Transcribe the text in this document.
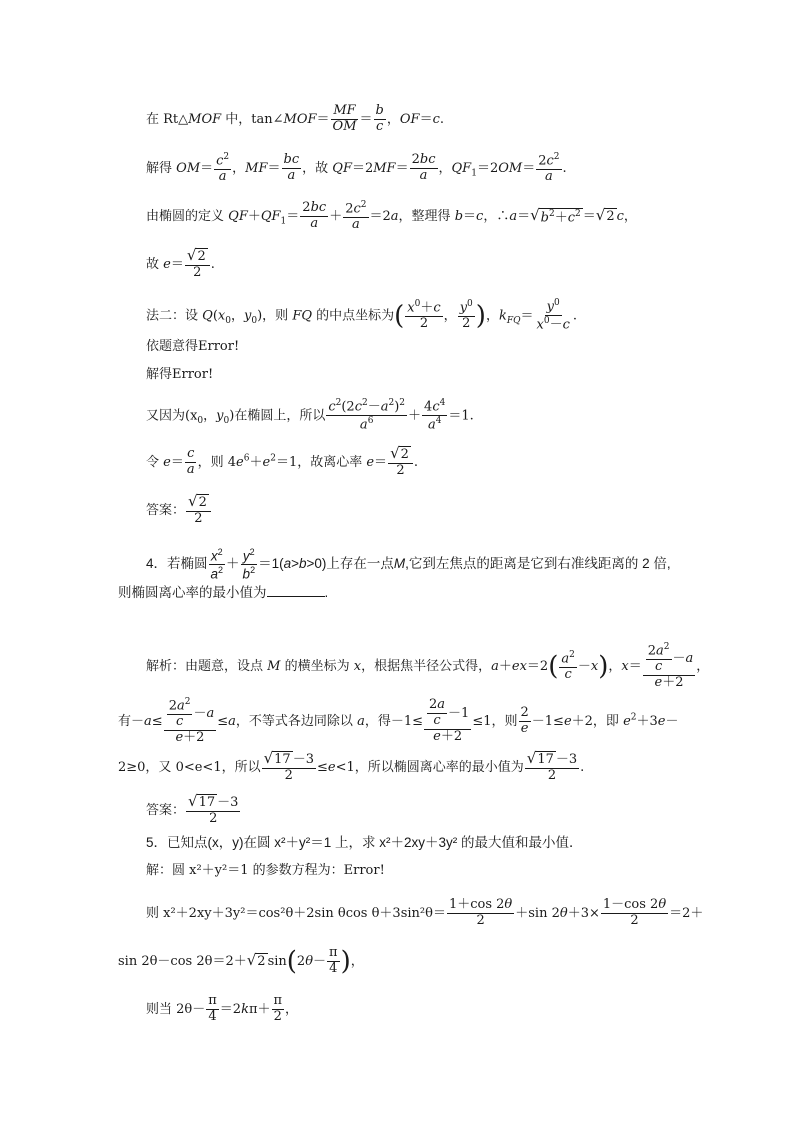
在 Rt△MOF 中，tan∠MOF＝ $\frac{MF}{OM} = \frac{b}{c}$ ，OF＝c.
解得 $OM= \frac{c^2}{a}$ ，$MF= \frac{bc}{a}$ ，故 $QF=2MF= \frac{2bc}{a}$ ，$QF_1=2OM= \frac{2c^2}{a}$ .
由椭圆的定义 $QF+QF_1= \frac{2bc}{a} + \frac{2c^2}{a} =2a$，整理得 b＝c，∴a＝ √ $b^2+c^2$ ＝ √ 2 c，
故 $e= \frac{√ 2}{2}$ .
法二：设 $Q(x_0$，$y_0$)，则 FQ 的中点坐标为( $\frac{x^0+c}{2}$ ， $\frac{y^0}{2}$ )，$k_{FQ}= \frac{y^0}{x^0-c}$ .
依题意得Error!
解得Error!
又因为($x_0$，$y_0$)在椭圆上，所以 $\frac{c^2(2c^2-a^2)^2}{a^6} + \frac{4c^4}{a^4} =1$.
令 $e= \frac{c}{a}$ ，则 $4e^6+e^2=1$，故离心率 $e= \frac{√ 2}{2}$ .
答案： $\frac{√ 2}{2}$
4．若椭圆 $\frac{x^2}{a^2} + \frac{y^2}{b^2} =1(a>b>0)$上存在一点M,它到左焦点的距离是它到右准线距离的 2 倍,
则椭圆离心率的最小值为	.
解析：由题意，设点 M 的横坐标为 x，根据焦半径公式得，$a+ex=2( \frac{a^2}{c} -x)$，$x= \frac{\frac{2a^2}{c} -a}{e+2}$ ，
有$-a\le \frac{\frac{2a^2}{c} -a}{e+2} \le a$，不等式各边同除以 a，得$-1\le \frac{\frac{2a}{c} -1}{e+2} \le 1$，则 $\frac{2}{e} -1\le e+2$，即 $e^2+3e-$
2≥0，又 0<e<1，所以 $\frac{√ 17 -3}{2} \le e<1$，所以椭圆离心率的最小值为 $\frac{√ 17 -3}{2}$ .
答案： $\frac{√ 17 -3}{2}$
5．已知点(x，y)在圆 x²＋y²＝1 上，求 x²＋2xy＋3y² 的最大值和最小值．
解：圆 x²＋y²＝1 的参数方程为：Error!
则 x²＋2xy＋3y²＝cos²θ＋2sin θcos $\theta+3\sin^2\theta= \frac{1+\cos 2\theta}{2} +\sin$ $2\theta+3\times \frac{1-\cos 2\theta}{2} =2+$
sin 2θ－cos 2θ＝2＋ √ 2 $\sin(2\theta- \frac{\pi}{4}$ )，
则当 $2\theta- \frac{\pi}{4} =2k\pi+ \frac{\pi}{2}$ ，
